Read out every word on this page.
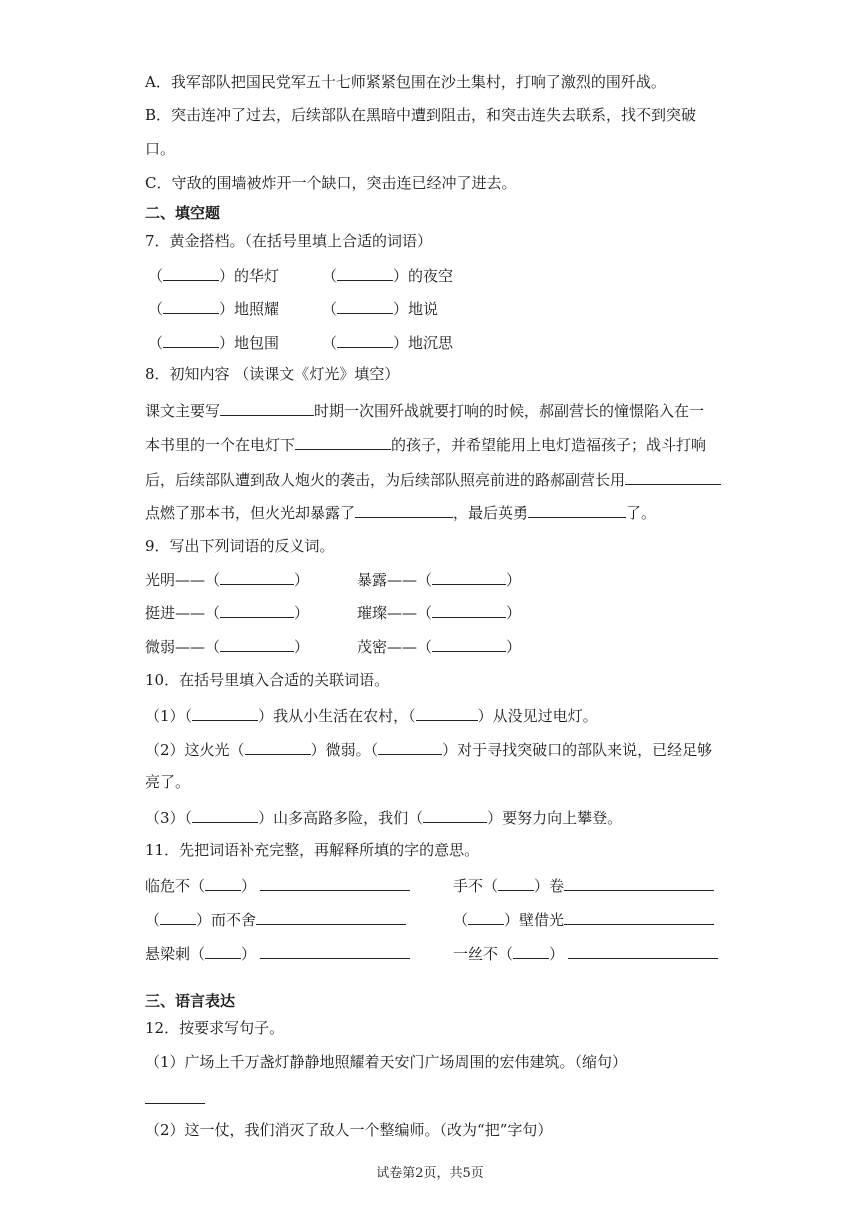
A．我军部队把国民党军五十七师紧紧包围在沙土集村，打响了激烈的围歼战。
B．突击连冲了过去，后续部队在黑暗中遭到阻击，和突击连失去联系，找不到突破
口。
C．守敌的围墙被炸开一个缺口，突击连已经冲了进去。
二、填空题
7．黄金搭档。（在括号里填上合适的词语）
（	）的华灯	（	）的夜空
（	）地照耀	（	）地说
（	）地包围	（	）地沉思
8．初知内容 （读课文《灯光》填空）
课文主要写	时期一次围歼战就要打响的时候，郝副营长的憧憬陷入在一
本书里的一个在电灯下	的孩子，并希望能用上电灯造福孩子；战斗打响
后，后续部队遭到敌人炮火的袭击，为后续部队照亮前进的路郝副营长用
点燃了那本书，但火光却暴露了	，最后英勇	了。
9．写出下列词语的反义词。
光明——（	）	暴露——（	）
挺进——（	）	璀璨——（	）
微弱——（	）	茂密——（	）
10．在括号里填入合适的关联词语。
（1）（	）我从小生活在农村，（	）从没见过电灯。
（2）这火光（	）微弱。（	）对于寻找突破口的部队来说，已经足够
亮了。
（3）（	）山多高路多险，我们（	）要努力向上攀登。
11．先把词语补充完整，再解释所填的字的意思。
临危不（ ）	手不（ ）卷
（ ）而不舍	（ ）壁借光
悬梁刺（ ）	一丝不（ ）
三、语言表达
12．按要求写句子。
（1）广场上千万盏灯静静地照耀着天安门广场周围的宏伟建筑。（缩句）
（2）这一仗，我们消灭了敌人一个整编师。（改为“把”字句）
试卷第2页，共5页
